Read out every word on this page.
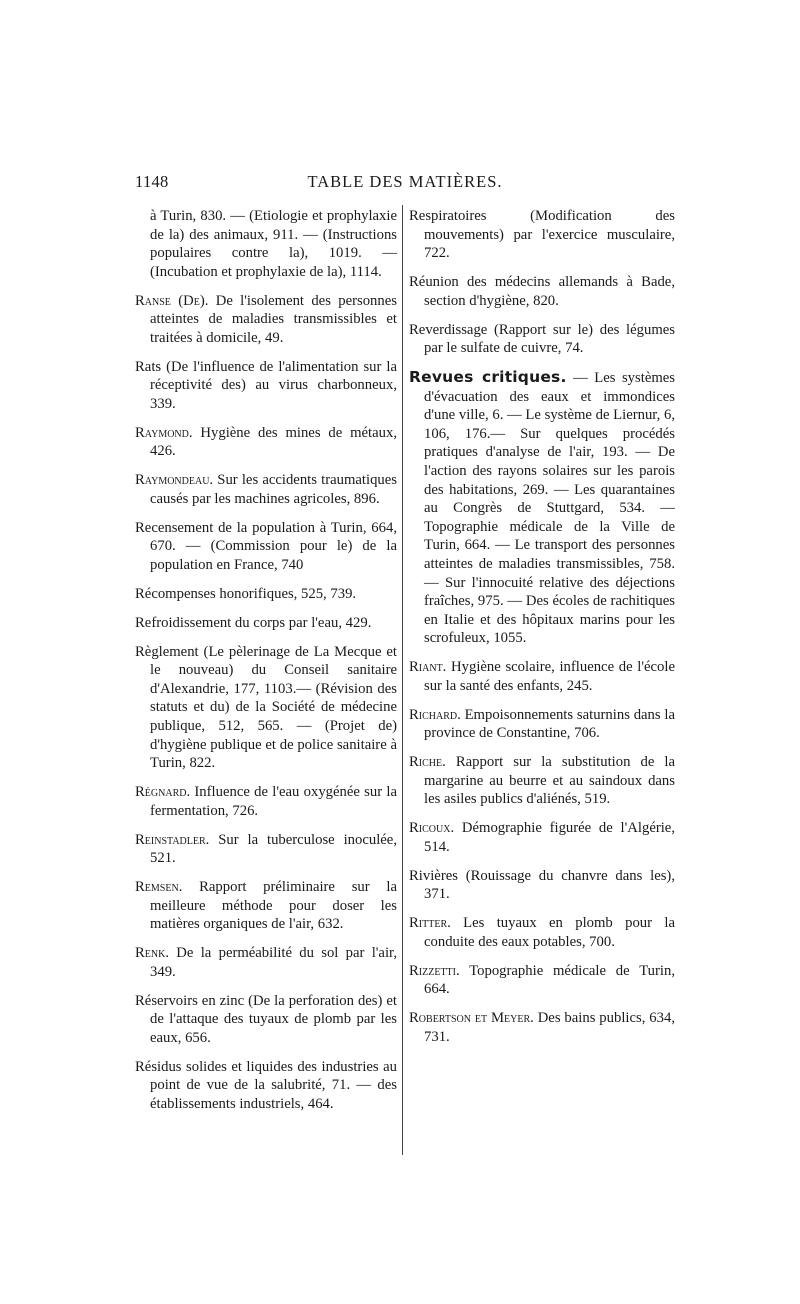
1148	TABLE DES MATIÈRES.

à Turin, 830. — (Etiologie et prophylaxie de la) des animaux, 911. — (Instructions populaires contre la), 1019. — (Incubation et prophylaxie de la), 1114.

Ranse (De). De l'isolement des personnes atteintes de maladies transmissibles et traitées à domicile, 49.

Rats (De l'influence de l'alimentation sur la réceptivité des) au virus charbonneux, 339.

Raymond. Hygiène des mines de métaux, 426.

Raymondeau. Sur les accidents traumatiques causés par les machines agricoles, 896.

Recensement de la population à Turin, 664, 670. — (Commission pour le) de la population en France, 740

Récompenses honorifiques, 525, 739.

Refroidissement du corps par l'eau, 429.

Règlement (Le pèlerinage de La Mecque et le nouveau) du Conseil sanitaire d'Alexandrie, 177, 1103.— (Révision des statuts et du) de la Société de médecine publique, 512, 565. — (Projet de) d'hygiène publique et de police sanitaire à Turin, 822.

Régnard. Influence de l'eau oxygénée sur la fermentation, 726.

Reinstadler. Sur la tuberculose inoculée, 521.

Remsen. Rapport préliminaire sur la meilleure méthode pour doser les matières organiques de l'air, 632.

Renk. De la perméabilité du sol par l'air, 349.

Réservoirs en zinc (De la perforation des) et de l'attaque des tuyaux de plomb par les eaux, 656.

Résidus solides et liquides des industries au point de vue de la salubrité, 71. — des établissements industriels, 464.

Respiratoires (Modification des mouvements) par l'exercice musculaire, 722.

Réunion des médecins allemands à Bade, section d'hygiène, 820.

Reverdissage (Rapport sur le) des légumes par le sulfate de cuivre, 74.

Revues critiques. — Les systèmes d'évacuation des eaux et immondices d'une ville, 6. — Le système de Liernur, 6, 106, 176.— Sur quelques procédés pratiques d'analyse de l'air, 193. — De l'action des rayons solaires sur les parois des habitations, 269. — Les quarantaines au Congrès de Stuttgard, 534. — Topographie médicale de la Ville de Turin, 664. — Le transport des personnes atteintes de maladies transmissibles, 758. — Sur l'innocuité relative des déjections fraîches, 975. — Des écoles de rachitiques en Italie et des hôpitaux marins pour les scrofuleux, 1055.

Riant. Hygiène scolaire, influence de l'école sur la santé des enfants, 245.

Richard. Empoisonnements saturnins dans la province de Constantine, 706.

Riche. Rapport sur la substitution de la margarine au beurre et au saindoux dans les asiles publics d'aliénés, 519.

Ricoux. Démographie figurée de l'Algérie, 514.

Rivières (Rouissage du chanvre dans les), 371.

Ritter. Les tuyaux en plomb pour la conduite des eaux potables, 700.

Rizzetti. Topographie médicale de Turin, 664.

Robertson et Meyer. Des bains publics, 634, 731.
